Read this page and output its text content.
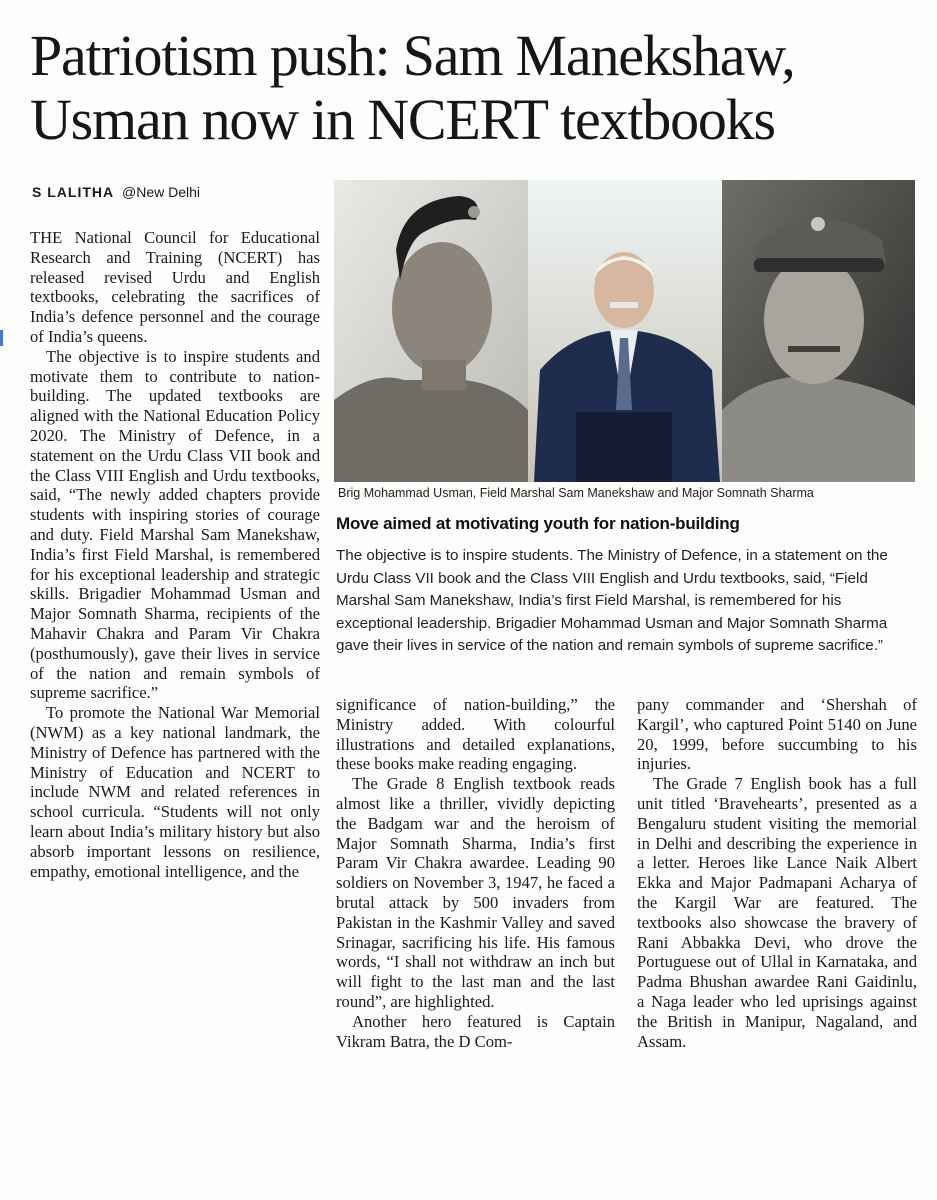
Patriotism push: Sam Manekshaw, Usman now in NCERT textbooks
S LALITHA @New Delhi
Brig Mohammad Usman, Field Marshal Sam Manekshaw and Major Somnath Sharma
Move aimed at motivating youth for nation-building
The objective is to inspire students. The Ministry of Defence, in a statement on the Urdu Class VII book and the Class VIII English and Urdu textbooks, said, “Field Marshal Sam Manekshaw, India’s first Field Marshal, is remembered for his exceptional leadership. Brigadier Mohammad Usman and Major Somnath Sharma gave their lives in service of the nation and remain symbols of supreme sacrifice.”

THE National Council for Educational Research and Training (NCERT) has released revised Urdu and English textbooks, celebrating the sacrifices of India’s defence personnel and the courage of India’s queens.

The objective is to inspire students and motivate them to contribute to nation-building. The updated textbooks are aligned with the National Education Policy 2020. The Ministry of Defence, in a statement on the Urdu Class VII book and the Class VIII English and Urdu textbooks, said, “The newly added chapters provide students with inspiring stories of courage and duty. Field Marshal Sam Manekshaw, India’s first Field Marshal, is remembered for his exceptional leadership and strategic skills. Brigadier Mohammad Usman and Major Somnath Sharma, recipients of the Mahavir Chakra and Param Vir Chakra (posthumously), gave their lives in service of the nation and remain symbols of supreme sacrifice.”

To promote the National War Memorial (NWM) as a key national landmark, the Ministry of Defence has partnered with the Ministry of Education and NCERT to include NWM and related references in school curricula. “Students will not only learn about India’s military history but also absorb important lessons on resilience, empathy, emotional intelligence, and the

significance of nation-building,” the Ministry added. With colourful illustrations and detailed explanations, these books make reading engaging.

The Grade 8 English textbook reads almost like a thriller, vividly depicting the Badgam war and the heroism of Major Somnath Sharma, India’s first Param Vir Chakra awardee. Leading 90 soldiers on November 3, 1947, he faced a brutal attack by 500 invaders from Pakistan in the Kashmir Valley and saved Srinagar, sacrificing his life. His famous words, “I shall not withdraw an inch but will fight to the last man and the last round”, are highlighted.

Another hero featured is Captain Vikram Batra, the D Com-

pany commander and ‘Shershah of Kargil’, who captured Point 5140 on June 20, 1999, before succumbing to his injuries.

The Grade 7 English book has a full unit titled ‘Bravehearts’, presented as a Bengaluru student visiting the memorial in Delhi and describing the experience in a letter. Heroes like Lance Naik Albert Ekka and Major Padmapani Acharya of the Kargil War are featured. The textbooks also showcase the bravery of Rani Abbakka Devi, who drove the Portuguese out of Ullal in Karnataka, and Padma Bhushan awardee Rani Gaidinlu, a Naga leader who led uprisings against the British in Manipur, Nagaland, and Assam.
